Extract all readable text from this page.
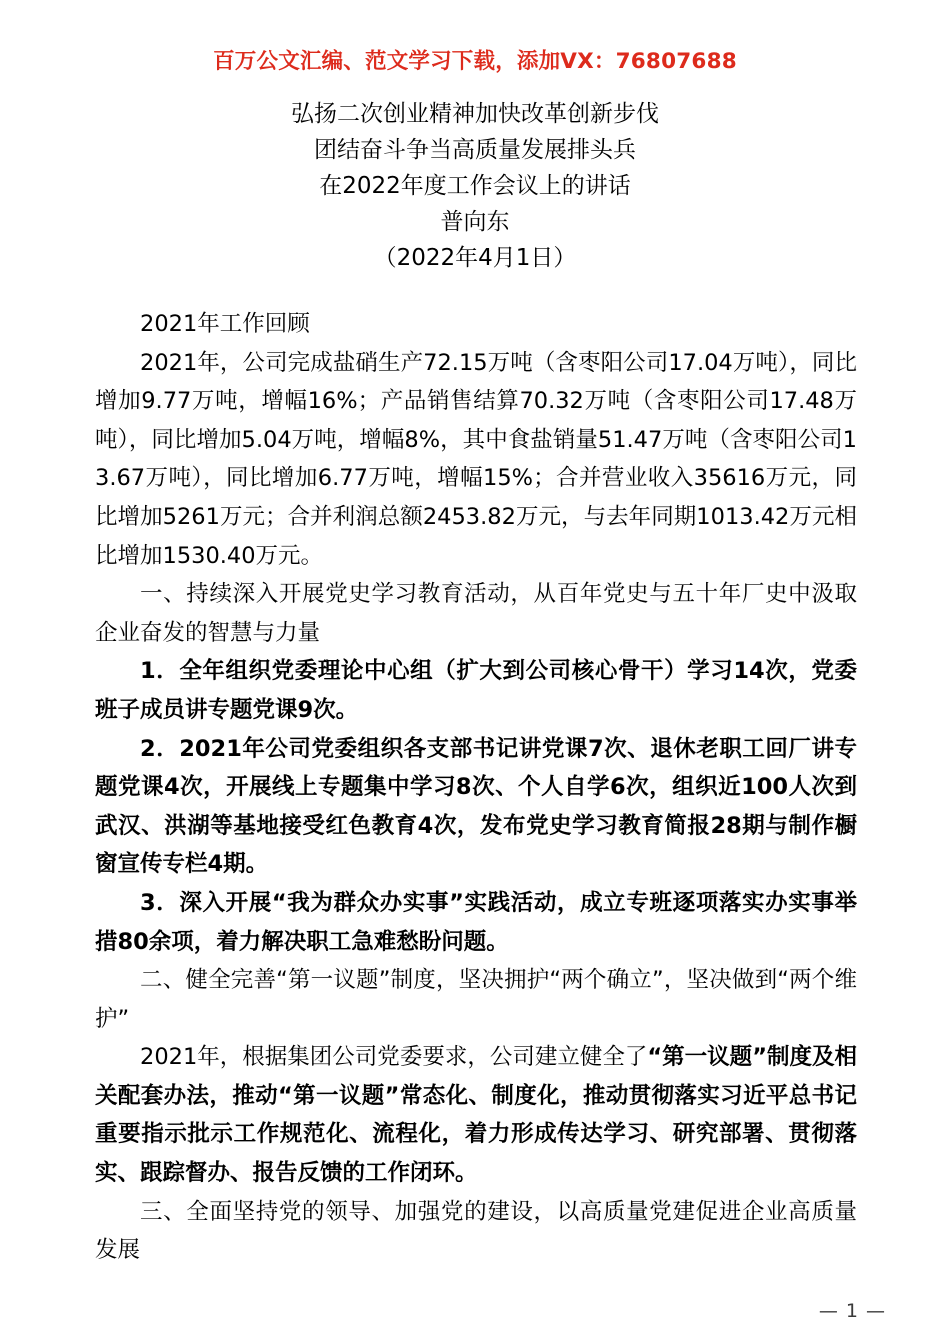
百万公文汇编、范文学习下载，添加VX：76807688
弘扬二次创业精神加快改革创新步伐
团结奋斗争当高质量发展排头兵
在2022年度工作会议上的讲话
普向东
（2022年4月1日）

2021年工作回顾

2021年，公司完成盐硝生产72.15万吨（含枣阳公司17.04万吨），同比增加9.77万吨，增幅16%；产品销售结算70.32万吨（含枣阳公司17.48万吨），同比增加5.04万吨，增幅8%，其中食盐销量51.47万吨（含枣阳公司13.67万吨），同比增加6.77万吨，增幅15%；合并营业收入35616万元，同比增加5261万元；合并利润总额2453.82万元，与去年同期1013.42万元相比增加1530.40万元。

一、持续深入开展党史学习教育活动，从百年党史与五十年厂史中汲取企业奋发的智慧与力量

1．全年组织党委理论中心组（扩大到公司核心骨干）学习14次，党委班子成员讲专题党课9次。

2．2021年公司党委组织各支部书记讲党课7次、退休老职工回厂讲专题党课4次，开展线上专题集中学习8次、个人自学6次，组织近100人次到武汉、洪湖等基地接受红色教育4次，发布党史学习教育简报28期与制作橱窗宣传专栏4期。

3．深入开展“我为群众办实事”实践活动，成立专班逐项落实办实事举措80余项，着力解决职工急难愁盼问题。

二、健全完善“第一议题”制度，坚决拥护“两个确立”，坚决做到“两个维护”

2021年，根据集团公司党委要求，公司建立健全了“第一议题”制度及相关配套办法，推动“第一议题”常态化、制度化，推动贯彻落实习近平总书记重要指示批示工作规范化、流程化，着力形成传达学习、研究部署、贯彻落实、跟踪督办、报告反馈的工作闭环。

三、全面坚持党的领导、加强党的建设，以高质量党建促进企业高质量发展

— 1 —
